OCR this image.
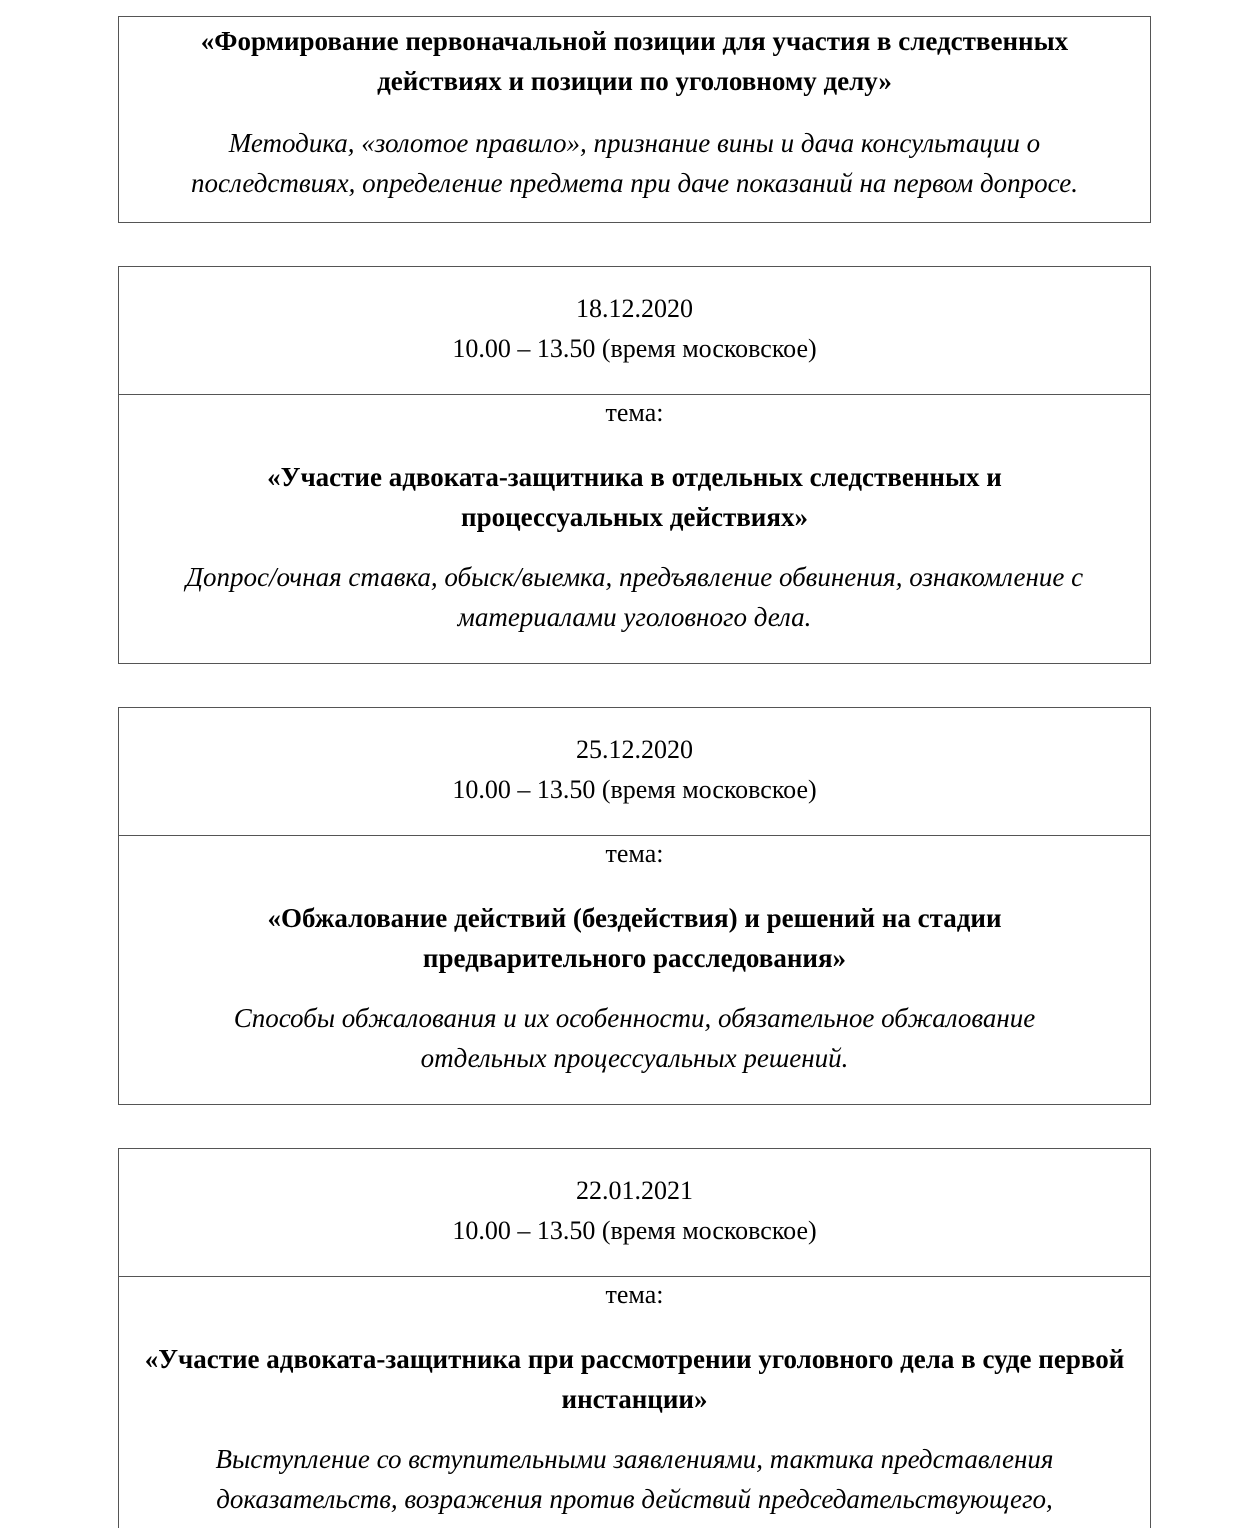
«Формирование первоначальной позиции для участия в следственных действиях и позиции по уголовному делу»
Методика, «золотое правило», признание вины и дача консультации о последствиях, определение предмета при даче показаний на первом допросе.
18.12.2020
10.00 – 13.50 (время московское)
тема:
«Участие адвоката-защитника в отдельных следственных и процессуальных действиях»
Допрос/очная ставка, обыск/выемка, предъявление обвинения, ознакомление с материалами уголовного дела.
25.12.2020
10.00 – 13.50 (время московское)
тема:
«Обжалование действий (бездействия) и решений на стадии предварительного расследования»
Способы обжалования и их особенности, обязательное обжалование отдельных процессуальных решений.
22.01.2021
10.00 – 13.50 (время московское)
тема:
«Участие адвоката-защитника при рассмотрении уголовного дела в суде первой инстанции»
Выступление со вступительными заявлениями, тактика представления доказательств, возражения против действий председательствующего,
